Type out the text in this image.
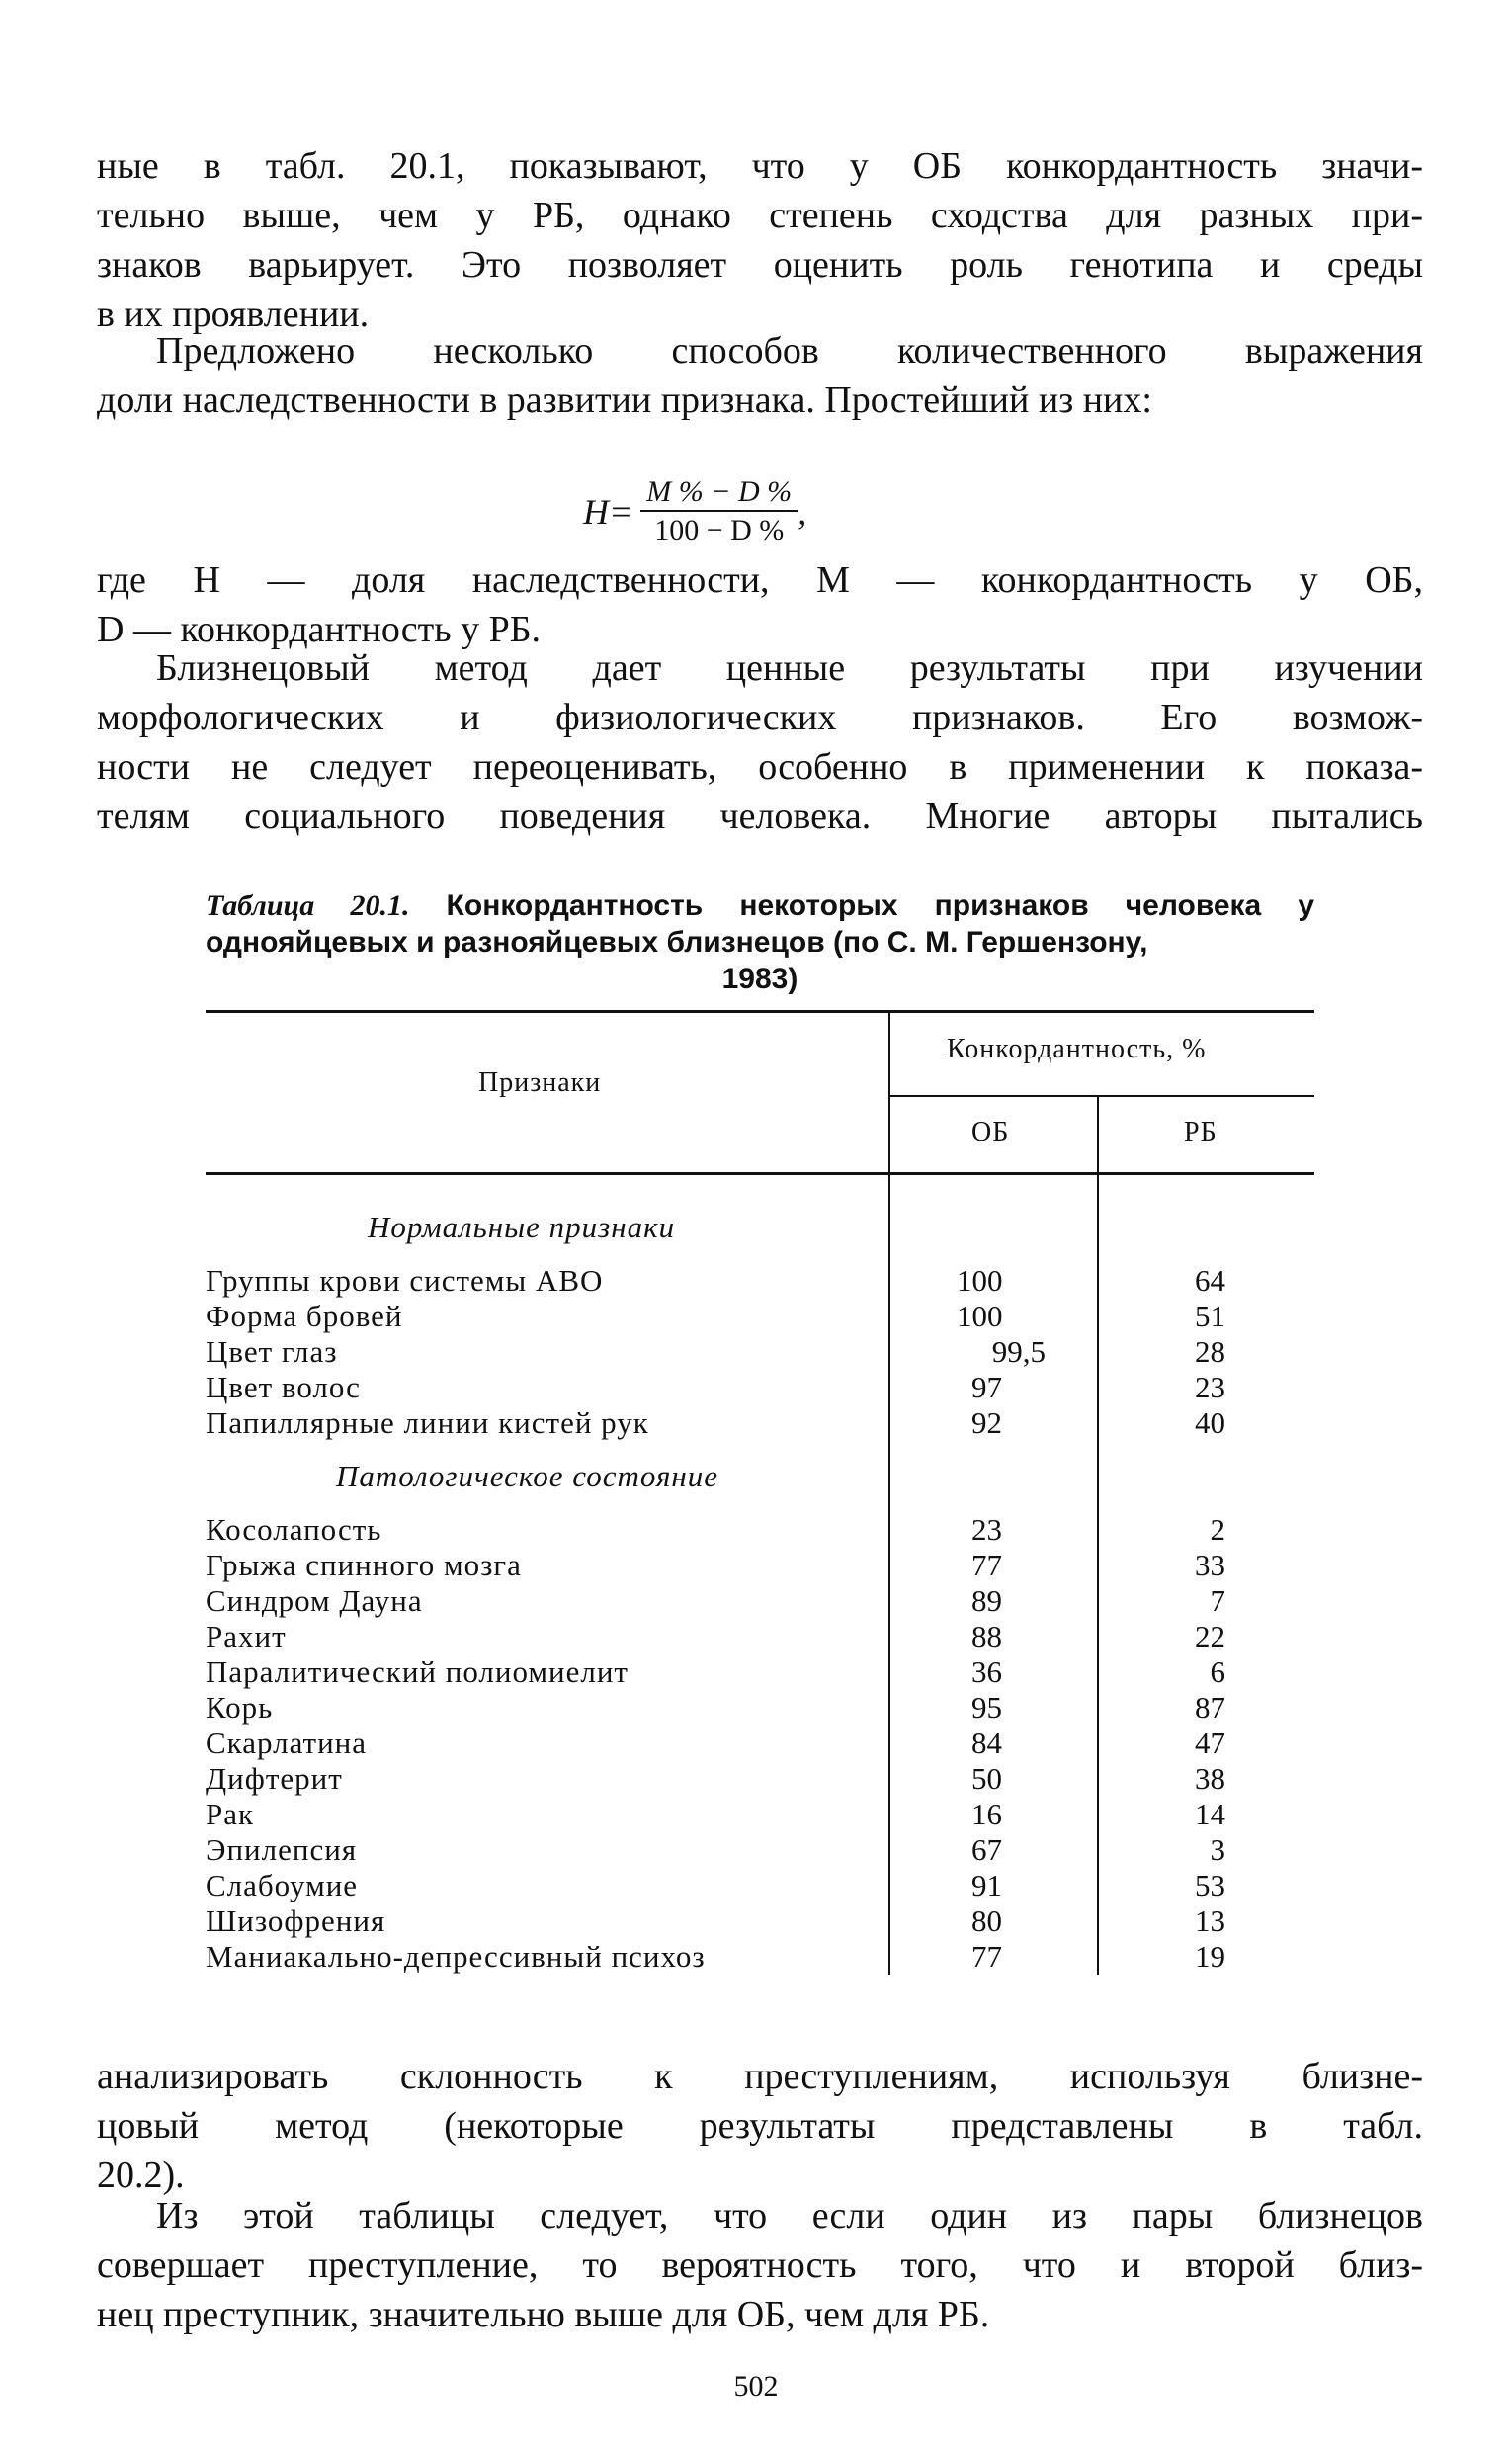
ные в табл. 20.1, показывают, что у ОБ конкордантность значи-
тельно выше, чем у РБ, однако степень сходства для разных при-
знаков варьирует. Это позволяет оценить роль генотипа и среды
в их проявлении.
Предложено несколько способов количественного выражения
доли наследственности в развитии признака. Простейший из них:
$H= \frac{M \% - D \%}{100 - D \%}$ ,
где H — доля наследственности, M — конкордантность у ОБ,
D — конкордантность у РБ.
Близнецовый метод дает ценные результаты при изучении
морфологических и физиологических признаков. Его возмож-
ности не следует переоценивать, особенно в применении к показа-
телям социального поведения человека. Многие авторы пытались
Таблица 20.1. Конкордантность некоторых признаков человека у однояйцевых и разнояйцевых близнецов (по С. М. Гершензону,
1983)
Признаки
Конкордантность, %
ОБ	РБ
Нормальные признаки
Группы крови системы АВО	100	64
Форма бровей	100	51
Цвет глаз	99,5	28
Цвет волос	97	23
Папиллярные линии кистей рук	92	40
Патологическое состояние
Косолапость	23	2
Грыжа спинного мозга	77	33
Синдром Дауна	89	7
Рахит	88	22
Паралитический полиомиелит	36	6
Корь	95	87
Скарлатина	84	47
Дифтерит	50	38
Рак	16	14
Эпилепсия	67	3
Слабоумие	91	53
Шизофрения	80	13
Маниакально-депрессивный психоз	77	19
анализировать склонность к преступлениям, используя близне-
цовый метод (некоторые результаты представлены в табл.
20.2).
Из этой таблицы следует, что если один из пары близнецов
совершает преступление, то вероятность того, что и второй близ-
нец преступник, значительно выше для ОБ, чем для РБ.
502
